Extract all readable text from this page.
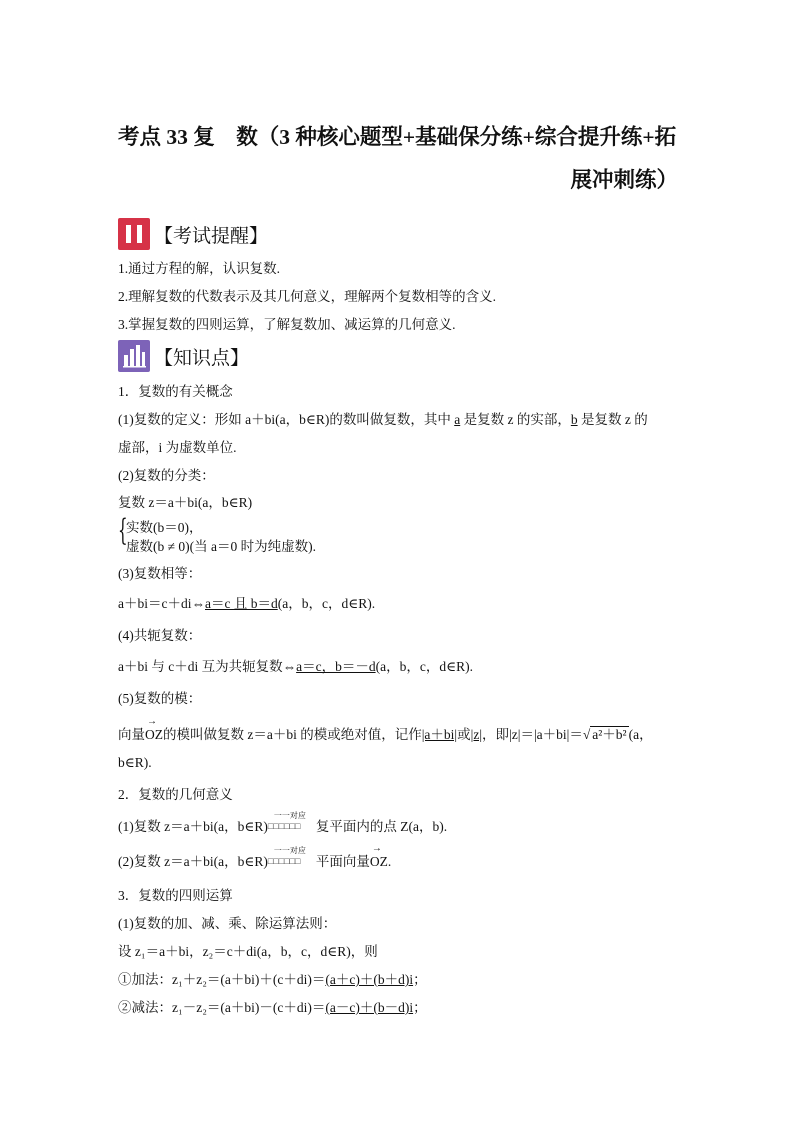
考点 33 复　数（3 种核心题型+基础保分练+综合提升练+拓
展冲刺练）
【考试提醒】
1.通过方程的解，认识复数.
2.理解复数的代数表示及其几何意义，理解两个复数相等的含义.
3.掌握复数的四则运算，了解复数加、减运算的几何意义.
【知识点】
1．复数的有关概念
(1)复数的定义：形如 a＋bi(a，b∈R)的数叫做复数，其中 a 是复数 z 的实部，b 是复数 z 的
虚部，i 为虚数单位.
(2)复数的分类：
复数 z＝a＋bi(a，b∈R)
{
实数(b＝0)，
虚数(b ≠ 0)(当 a＝0 时为纯虚数).
(3)复数相等：
a＋bi＝c＋di⇔a＝c 且 b＝d(a，b，c，d∈R).
(4)共轭复数：
a＋bi 与 c＋di 互为共轭复数⇔a＝c，b＝－d(a，b，c，d∈R).
(5)复数的模：
向量→ OZ的模叫做复数 z＝a＋bi 的模或绝对值，记作|a＋bi|或|z|，即|z|＝|a＋bi|＝√ a²＋b² (a，
b∈R).
2．复数的几何意义
(1)复数 z＝a＋bi(a，b∈R)
一一对应
□□□□□□ 复平面内的点 Z(a，b).
(2)复数 z＝a＋bi(a，b∈R)
一一对应
□□□□□□ 平面向量→ OZ.
3．复数的四则运算
(1)复数的加、减、乘、除运算法则：
设 z₁＝a＋bi，z₂＝c＋di(a，b，c，d∈R)，则
①加法：z₁＋z₂＝(a＋bi)＋(c＋di)＝(a＋c)＋(b＋d)i；
②减法：z₁－z₂＝(a＋bi)－(c＋di)＝(a－c)＋(b－d)i；
